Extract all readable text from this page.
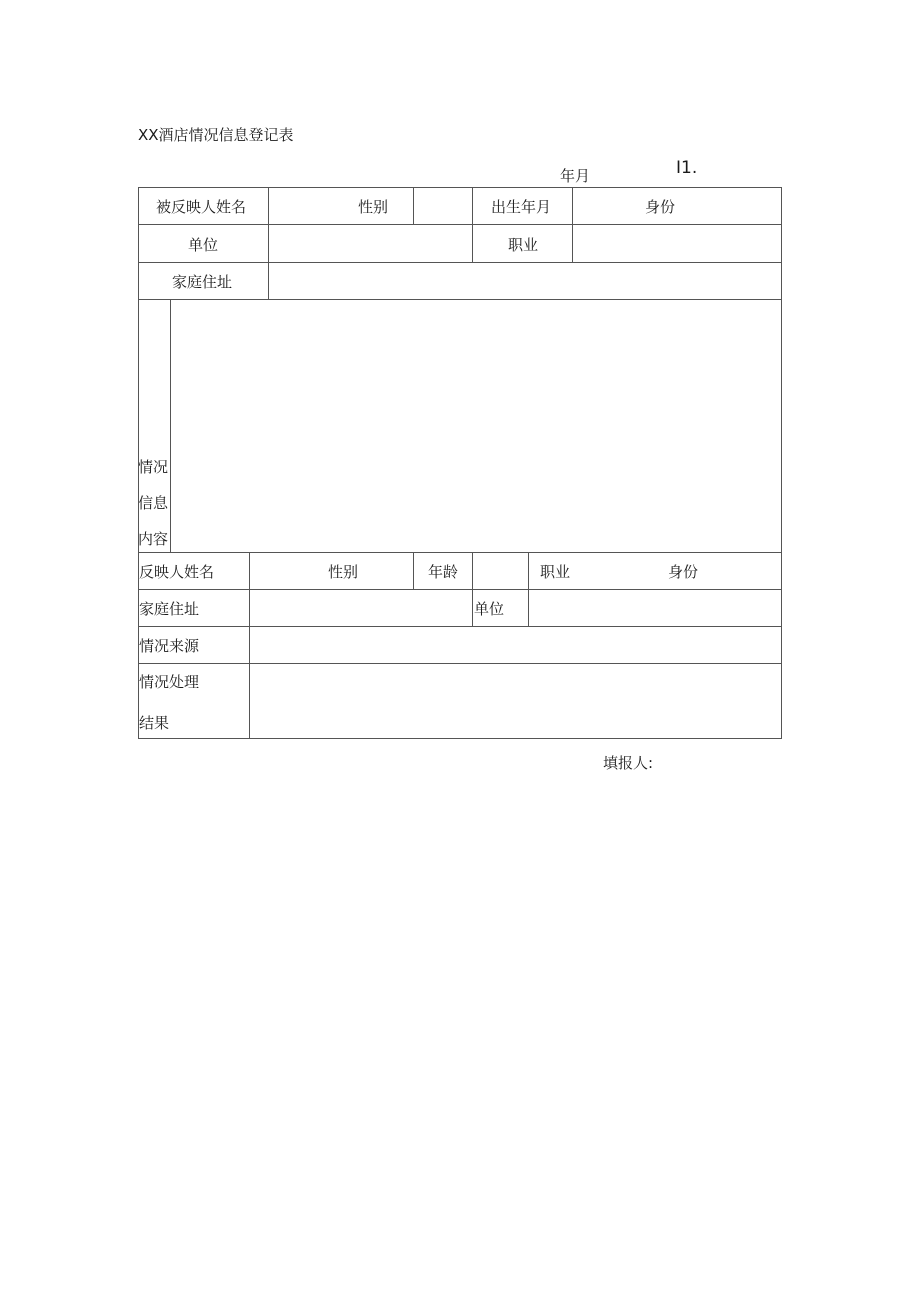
XX酒店情况信息登记表
年月	I1.
被反映人姓名	性别	出生年月	身份
单位	职业
家庭住址
情况
信息
内容
反映人姓名	性别	年龄	职业	身份
家庭住址	单位
情况来源
情况处理
结果
填报人:
